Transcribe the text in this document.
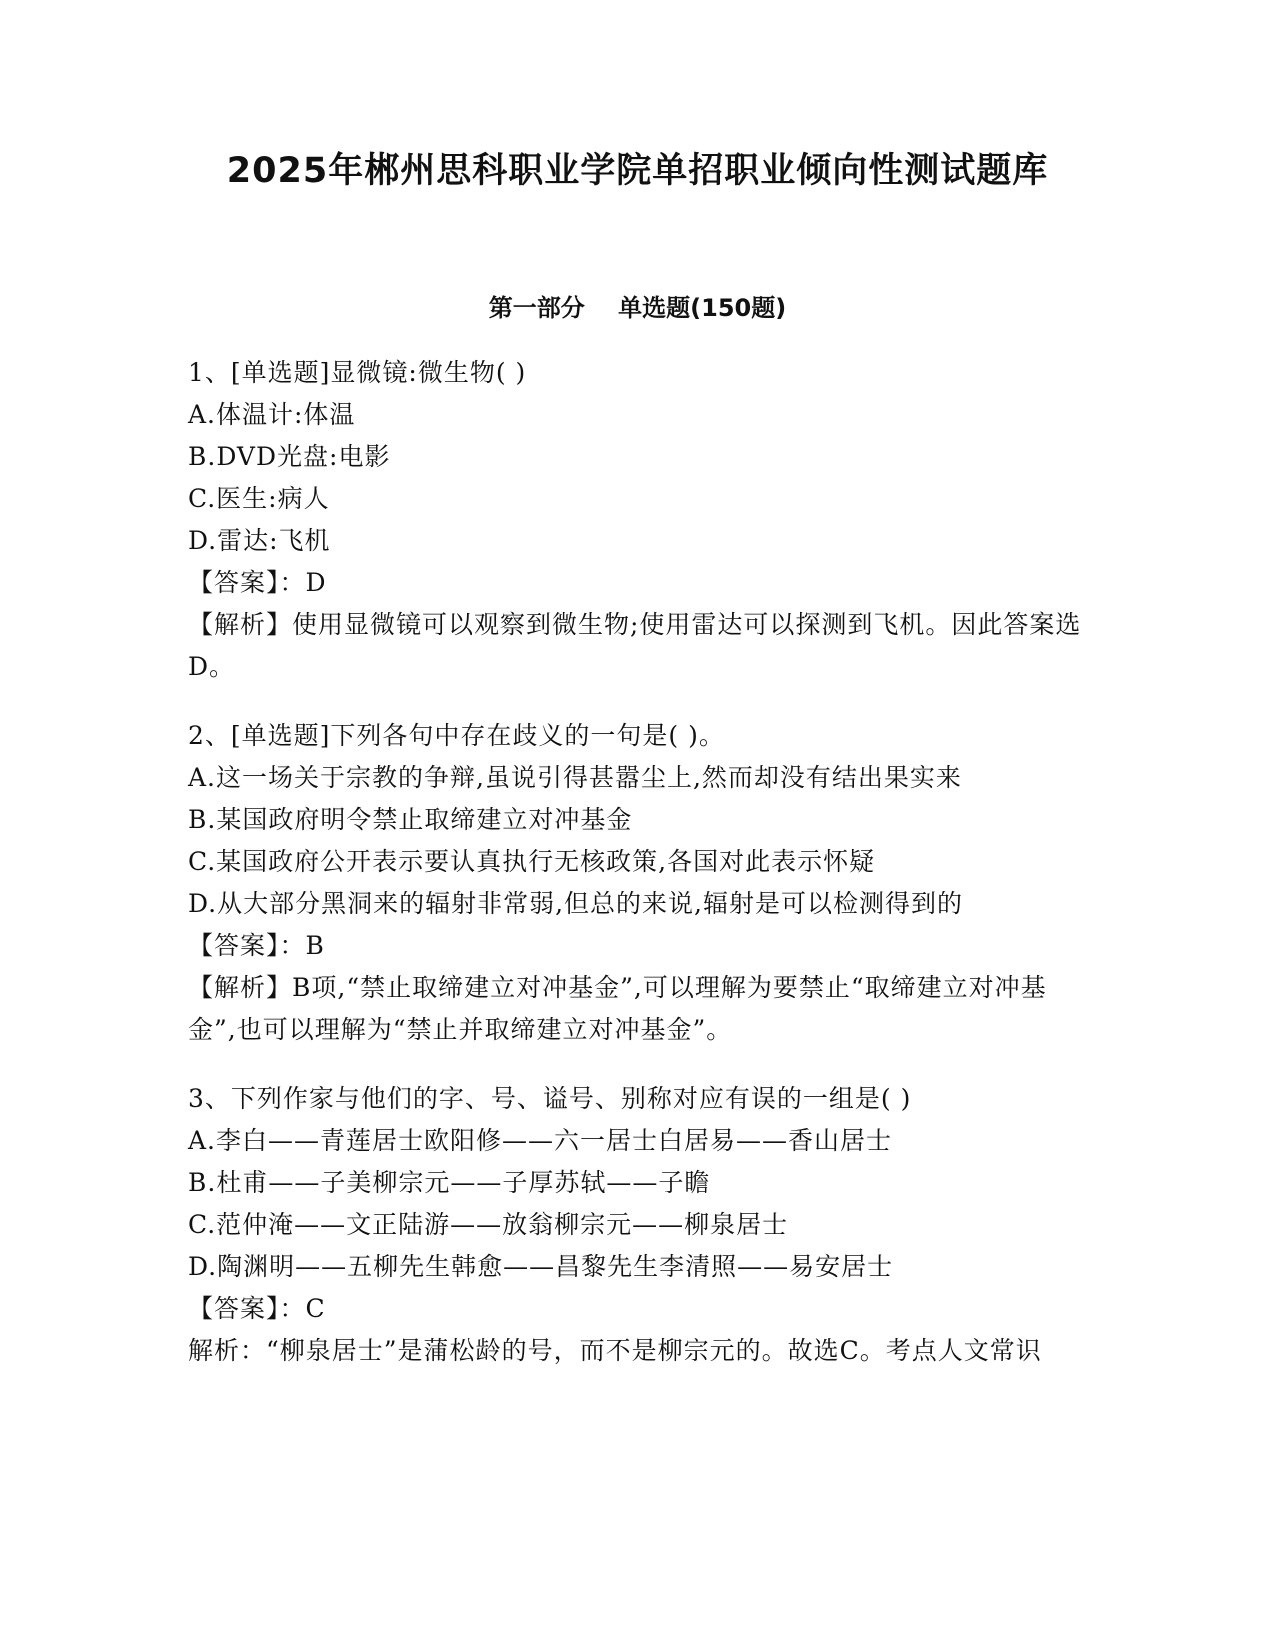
2025年郴州思科职业学院单招职业倾向性测试题库
第一部分    单选题(150题)
1、[单选题]显微镜:微生物( )
A.体温计:体温
B.DVD光盘:电影
C.医生:病人
D.雷达:飞机
【答案】：D
【解析】使用显微镜可以观察到微生物;使用雷达可以探测到飞机。因此答案选D。
2、[单选题]下列各句中存在歧义的一句是( )。
A.这一场关于宗教的争辩,虽说引得甚嚣尘上,然而却没有结出果实来
B.某国政府明令禁止取缔建立对冲基金
C.某国政府公开表示要认真执行无核政策,各国对此表示怀疑
D.从大部分黑洞来的辐射非常弱,但总的来说,辐射是可以检测得到的
【答案】：B
【解析】B项,“禁止取缔建立对冲基金”,可以理解为要禁止“取缔建立对冲基金”,也可以理解为“禁止并取缔建立对冲基金”。
3、下列作家与他们的字、号、谥号、别称对应有误的一组是( )
A.李白——青莲居士欧阳修——六一居士白居易——香山居士
B.杜甫——子美柳宗元——子厚苏轼——子瞻
C.范仲淹——文正陆游——放翁柳宗元——柳泉居士
D.陶渊明——五柳先生韩愈——昌黎先生李清照——易安居士
【答案】：C
解析：“柳泉居士”是蒲松龄的号，而不是柳宗元的。故选C。考点人文常识
